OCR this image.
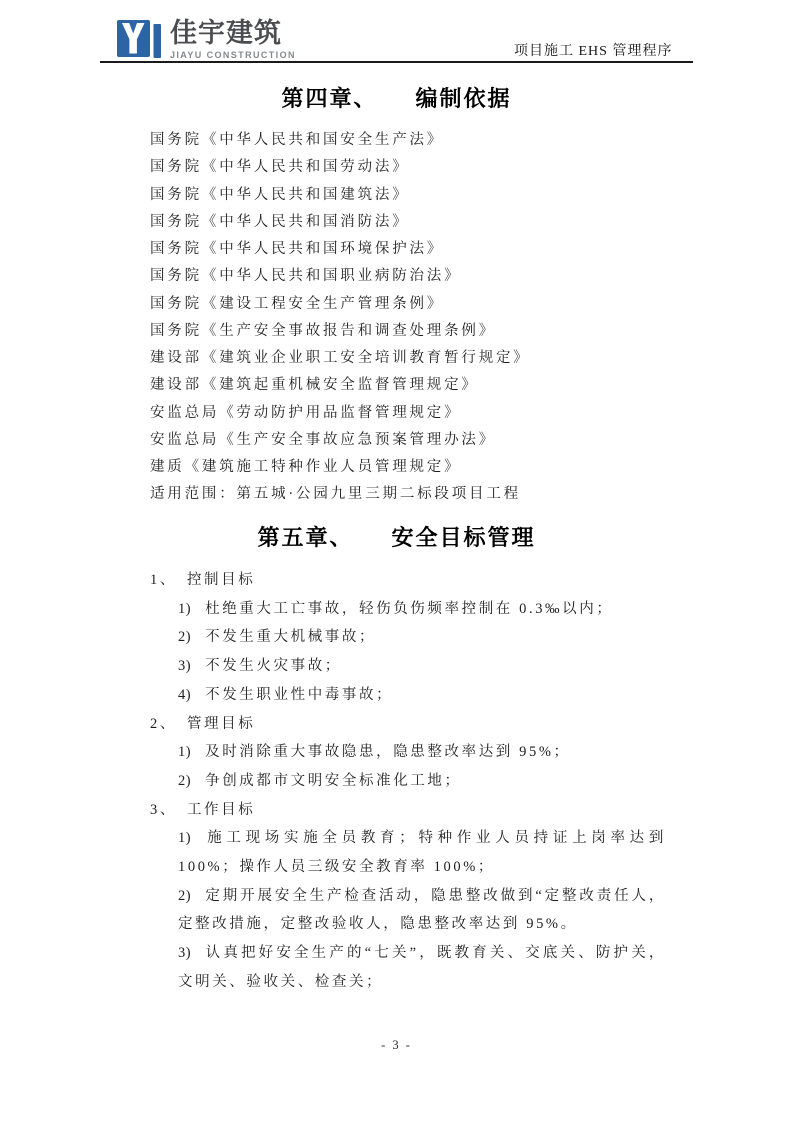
佳宇建筑
JIAYU CONSTRUCTION	项目施工 EHS 管理程序
第四章、 编制依据
国务院《中华人民共和国安全生产法》
国务院《中华人民共和国劳动法》
国务院《中华人民共和国建筑法》
国务院《中华人民共和国消防法》
国务院《中华人民共和国环境保护法》
国务院《中华人民共和国职业病防治法》
国务院《建设工程安全生产管理条例》
国务院《生产安全事故报告和调查处理条例》
建设部《建筑业企业职工安全培训教育暂行规定》
建设部《建筑起重机械安全监督管理规定》
安监总局《劳动防护用品监督管理规定》
安监总局《生产安全事故应急预案管理办法》
建质《建筑施工特种作业人员管理规定》
适用范围：第五城·公园九里三期二标段项目工程
第五章、 安全目标管理
1、 控制目标

1) 杜绝重大工亡事故，轻伤负伤频率控制在 0.3‰以内；

2) 不发生重大机械事故；

3) 不发生火灾事故；

4) 不发生职业性中毒事故；

2、 管理目标

1) 及时消除重大事故隐患，隐患整改率达到 95%；

2) 争创成都市文明安全标准化工地；

3、 工作目标

1) 施工现场实施全员教育；特种作业人员持证上岗率达到 100%；操作人员三级安全教育率 100%；

2) 定期开展安全生产检查活动，隐患整改做到“定整改责任人，定整改措施，定整改验收人，隐患整改率达到 95%。

3) 认真把好安全生产的“七关”，既教育关、交底关、防护关，文明关、验收关、检查关；

- 3 -
